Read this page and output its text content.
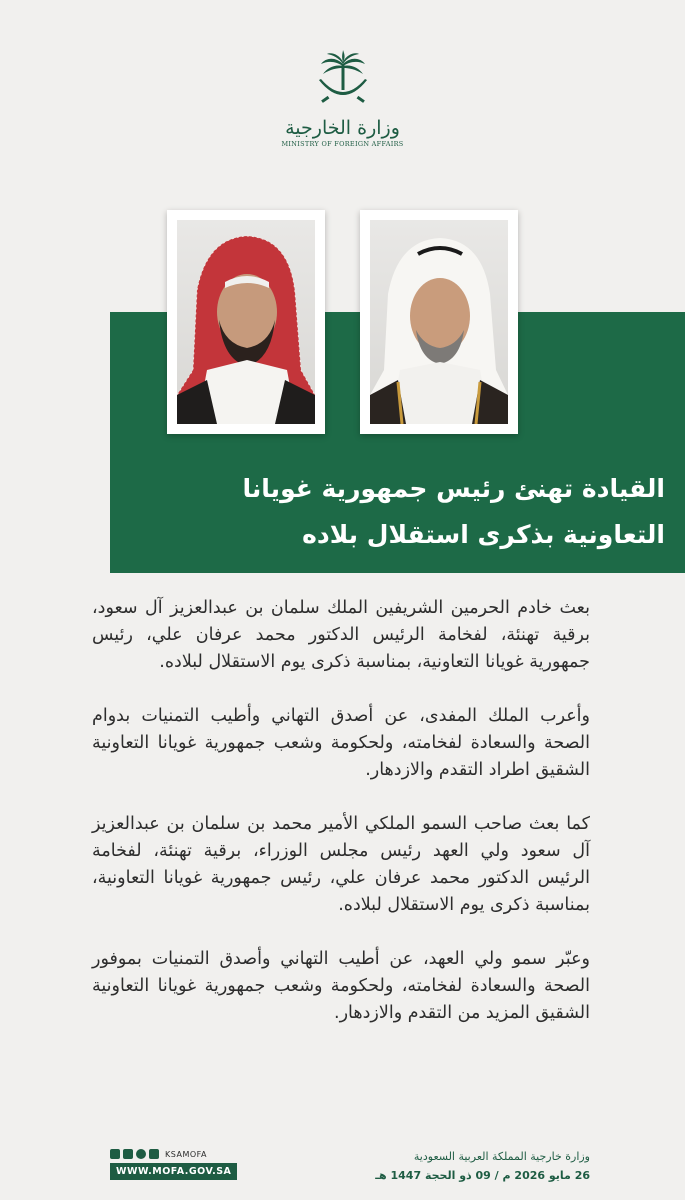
وزارة الخارجية
MINISTRY OF FOREIGN AFFAIRS
القيادة تهنئ رئيس جمهورية غويانا
التعاونية بذكرى استقلال بلاده

بعث خادم الحرمين الشريفين الملك سلمان بن عبدالعزيز آل سعود، برقية تهنئة، لفخامة الرئيس الدكتور محمد عرفان علي، رئيس جمهورية غويانا التعاونية، بمناسبة ذكرى يوم الاستقلال لبلاده.

وأعرب الملك المفدى، عن أصدق التهاني وأطيب التمنيات بدوام الصحة والسعادة لفخامته، ولحكومة وشعب جمهورية غويانا التعاونية الشقيق اطراد التقدم والازدهار.

كما بعث صاحب السمو الملكي الأمير محمد بن سلمان بن عبدالعزيز آل سعود ولي العهد رئيس مجلس الوزراء، برقية تهنئة، لفخامة الرئيس الدكتور محمد عرفان علي، رئيس جمهورية غويانا التعاونية، بمناسبة ذكرى يوم الاستقلال لبلاده.

وعبّر سمو ولي العهد، عن أطيب التهاني وأصدق التمنيات بموفور الصحة والسعادة لفخامته، ولحكومة وشعب جمهورية غويانا التعاونية الشقيق المزيد من التقدم والازدهار.

KSAMOFA
WWW.MOFA.GOV.SA
وزارة خارجية المملكة العربية السعودية
26 مايو 2026 م / 09 ذو الحجة 1447 هـ
